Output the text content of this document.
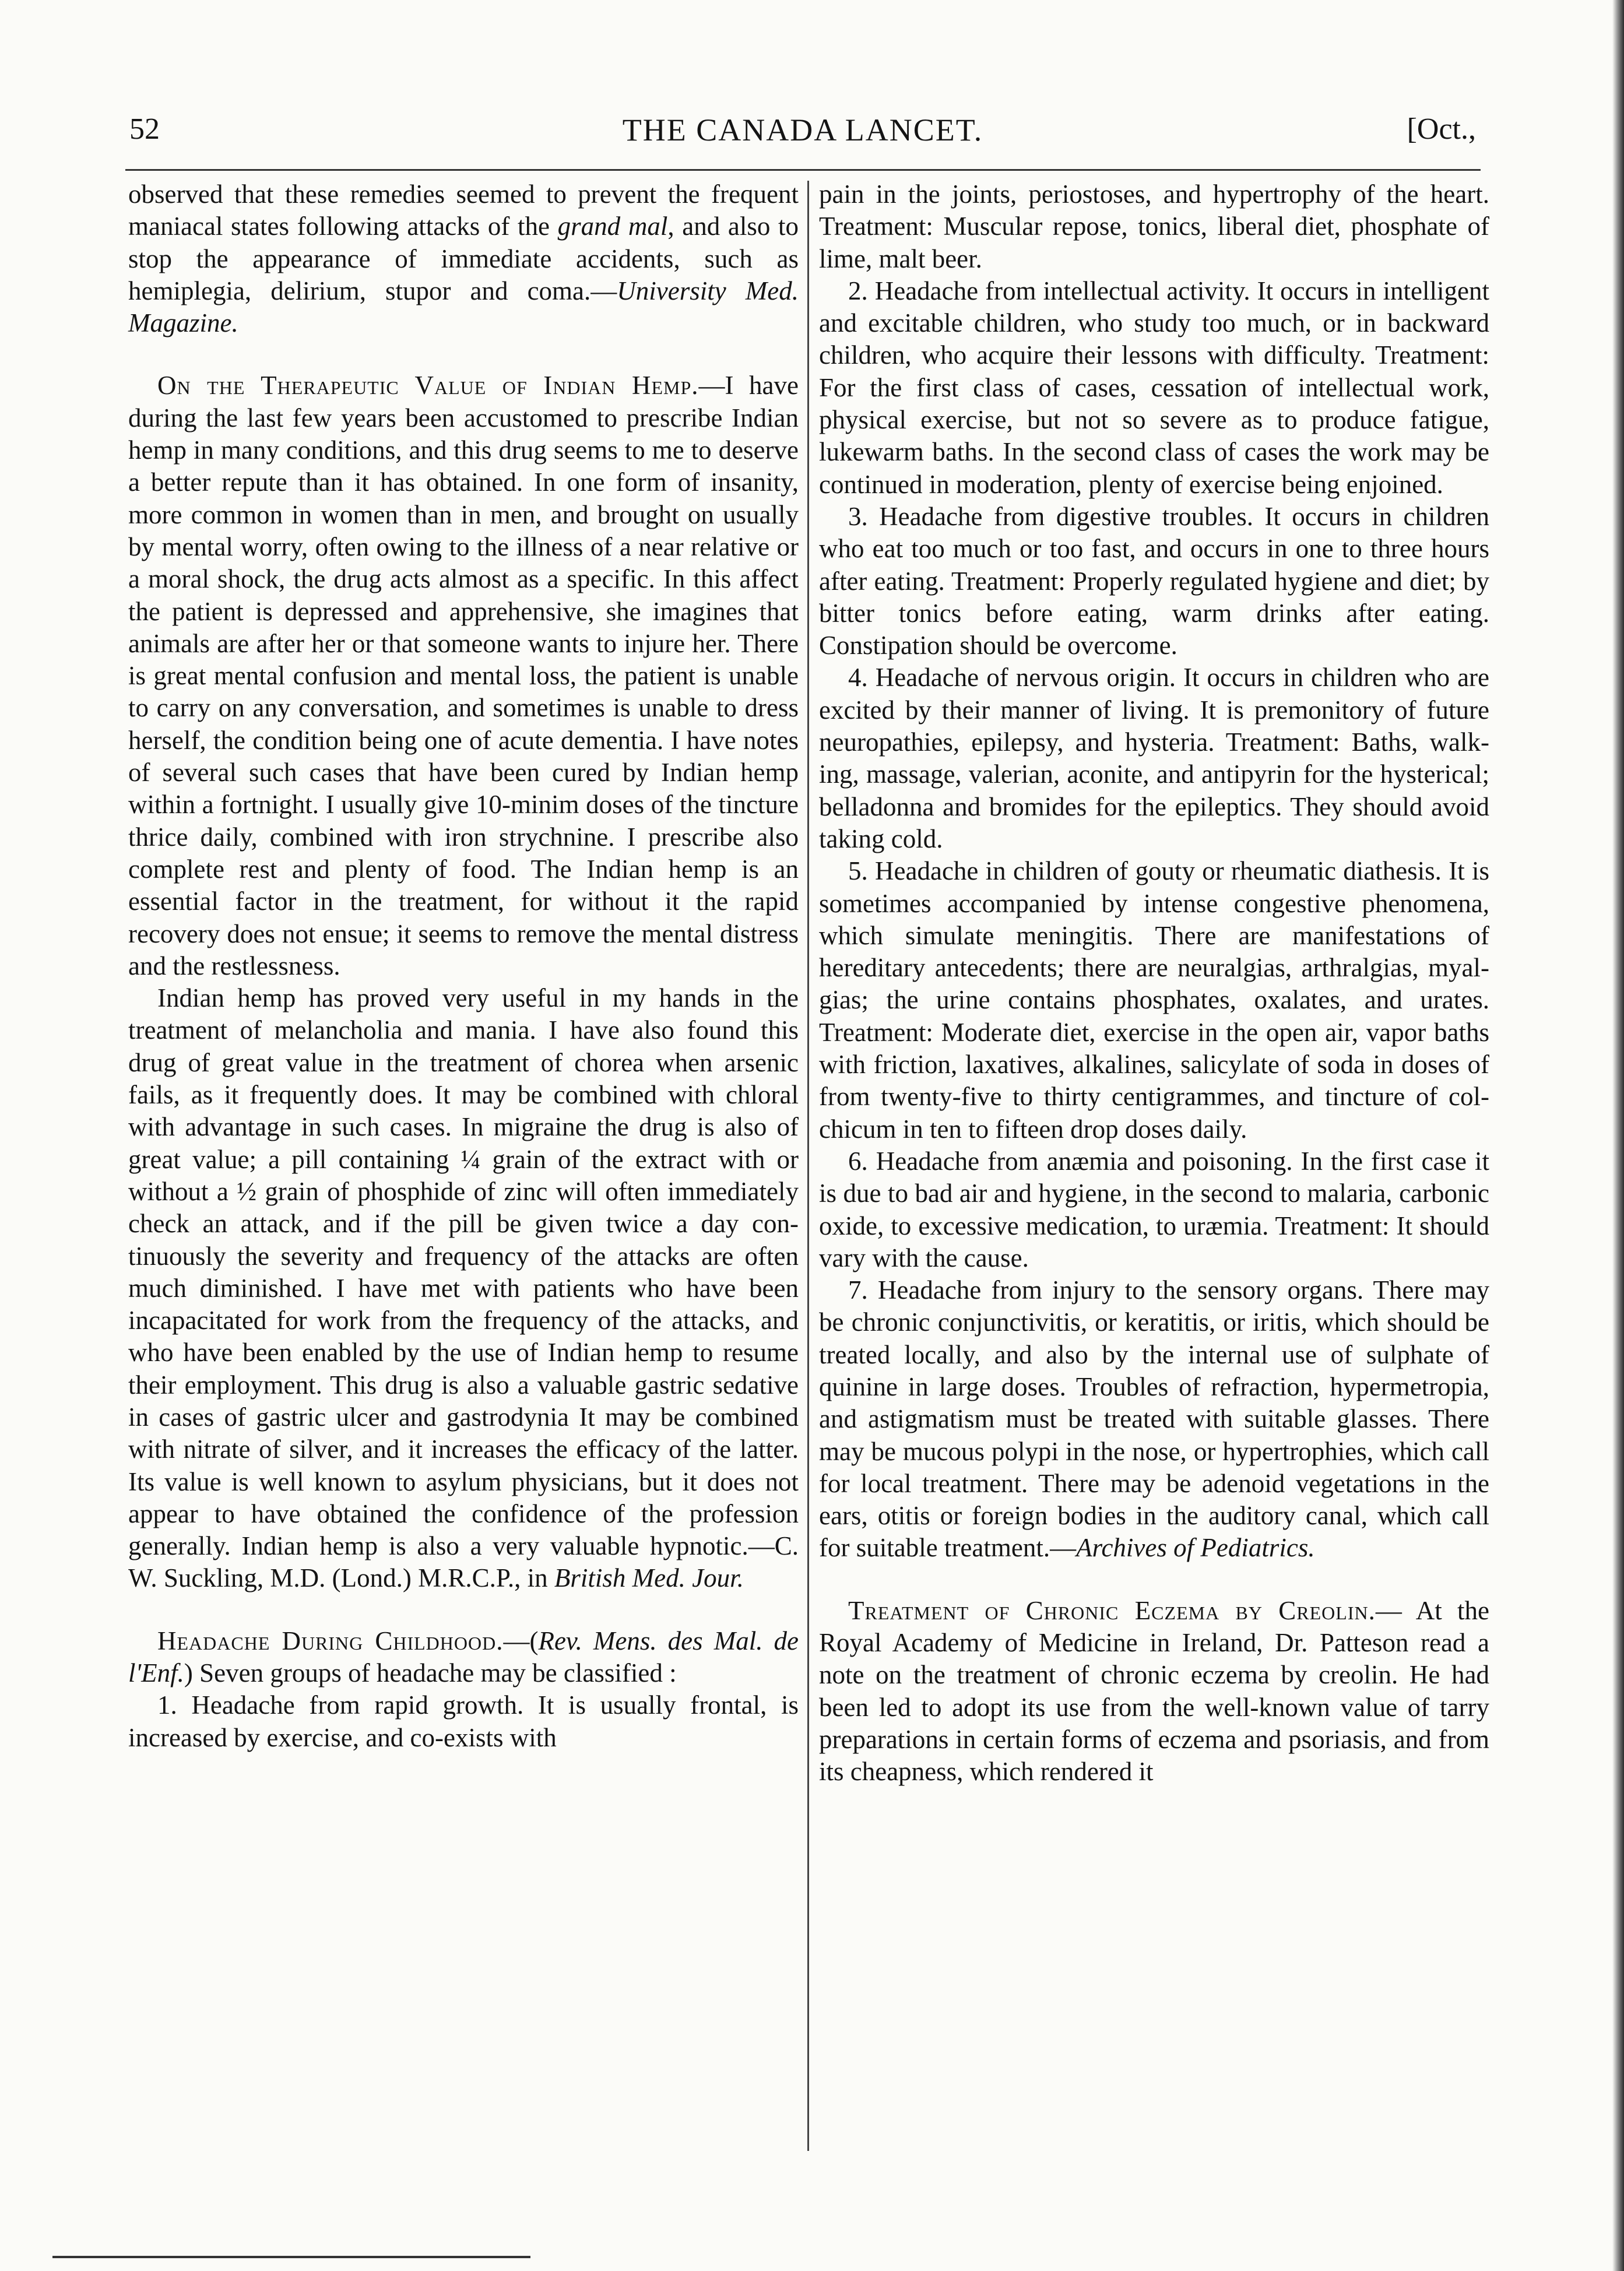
52	THE CANADA LANCET.	[Oct.,

observed that these remedies seemed to prevent the frequent maniacal states following attacks of the grand mal, and also to stop the appearance of immediate accidents, such as hemiplegia, delirium, stupor and coma.—University Med. Magazine.

On the Therapeutic Value of Indian Hemp.—I have during the last few years been accustomed to prescribe Indian hemp in many conditions, and this drug seems to me to deserve a better repute than it has obtained. In one form of insanity, more common in women than in men, and brought on usually by mental worry, often owing to the illness of a near relative or a moral shock, the drug acts almost as a specific. In this affect the patient is depressed and apprehensive, she imagines that animals are after her or that someone wants to injure her. There is great mental confusion and mental loss, the patient is unable to carry on any conversation, and sometimes is unable to dress herself, the condition being one of acute dementia. I have notes of several such cases that have been cured by Indian hemp within a fortnight. I usually give 10-minim doses of the tincture thrice daily, combined with iron strychnine. I prescribe also complete rest and plenty of food. The Indian hemp is an essential factor in the treatment, for without it the rapid recovery does not ensue; it seems to remove the mental distress and the restlessness.

Indian hemp has proved very useful in my hands in the treatment of melancholia and mania. I have also found this drug of great value in the treatment of chorea when arsenic fails, as it frequently does. It may be combined with chloral with advantage in such cases. In migraine the drug is also of great value; a pill containing ¼ grain of the extract with or without a ½ grain of phosphide of zinc will often immediately check an attack, and if the pill be given twice a day continuously the severity and frequency of the attacks are often much diminished. I have met with patients who have been incapacitated for work from the frequency of the attacks, and who have been enabled by the use of Indian hemp to resume their employment. This drug is also a valuable gastric sedative in cases of gastric ulcer and gastrodynia It may be combined with nitrate of silver, and it increases the efficacy of the latter. Its value is well known to asylum physicians, but it does not appear to have obtained the confidence of the profession generally. Indian hemp is also a very valuable hypnotic.—C. W. Suckling, M.D. (Lond.) M.R.C.P., in British Med. Jour.

Headache During Childhood.—(Rev. Mens. des Mal. de l'Enf.) Seven groups of headache may be classified :

1. Headache from rapid growth. It is usually frontal, is increased by exercise, and co-exists with

pain in the joints, periostoses, and hypertrophy of the heart. Treatment: Muscular repose, tonics, liberal diet, phosphate of lime, malt beer.

2. Headache from intellectual activity. It occurs in intelligent and excitable children, who study too much, or in backward children, who acquire their lessons with difficulty. Treatment: For the first class of cases, cessation of intellectual work, physical exercise, but not so severe as to produce fatigue, lukewarm baths. In the second class of cases the work may be continued in moderation, plenty of exercise being enjoined.

3. Headache from digestive troubles. It occurs in children who eat too much or too fast, and occurs in one to three hours after eating. Treatment: Properly regulated hygiene and diet; by bitter tonics before eating, warm drinks after eating. Constipation should be overcome.

4. Headache of nervous origin. It occurs in children who are excited by their manner of living. It is premonitory of future neuropathies, epilepsy, and hysteria. Treatment: Baths, walking, massage, valerian, aconite, and antipyrin for the hysterical; belladonna and bromides for the epileptics. They should avoid taking cold.

5. Headache in children of gouty or rheumatic diathesis. It is sometimes accompanied by intense congestive phenomena, which simulate meningitis. There are manifestations of hereditary antecedents; there are neuralgias, arthralgias, myalgias; the urine contains phosphates, oxalates, and urates. Treatment: Moderate diet, exercise in the open air, vapor baths with friction, laxatives, alkalines, salicylate of soda in doses of from twenty-five to thirty centigrammes, and tincture of colchicum in ten to fifteen drop doses daily.

6. Headache from anæmia and poisoning. In the first case it is due to bad air and hygiene, in the second to malaria, carbonic oxide, to excessive medication, to uræmia. Treatment: It should vary with the cause.

7. Headache from injury to the sensory organs. There may be chronic conjunctivitis, or keratitis, or iritis, which should be treated locally, and also by the internal use of sulphate of quinine in large doses. Troubles of refraction, hypermetropia, and astigmatism must be treated with suitable glasses. There may be mucous polypi in the nose, or hypertrophies, which call for local treatment. There may be adenoid vegetations in the ears, otitis or foreign bodies in the auditory canal, which call for suitable treatment.—Archives of Pediatrics.

Treatment of Chronic Eczema by Creolin.— At the Royal Academy of Medicine in Ireland, Dr. Patteson read a note on the treatment of chronic eczema by creolin. He had been led to adopt its use from the well-known value of tarry preparations in certain forms of eczema and psoriasis, and from its cheapness, which rendered it
